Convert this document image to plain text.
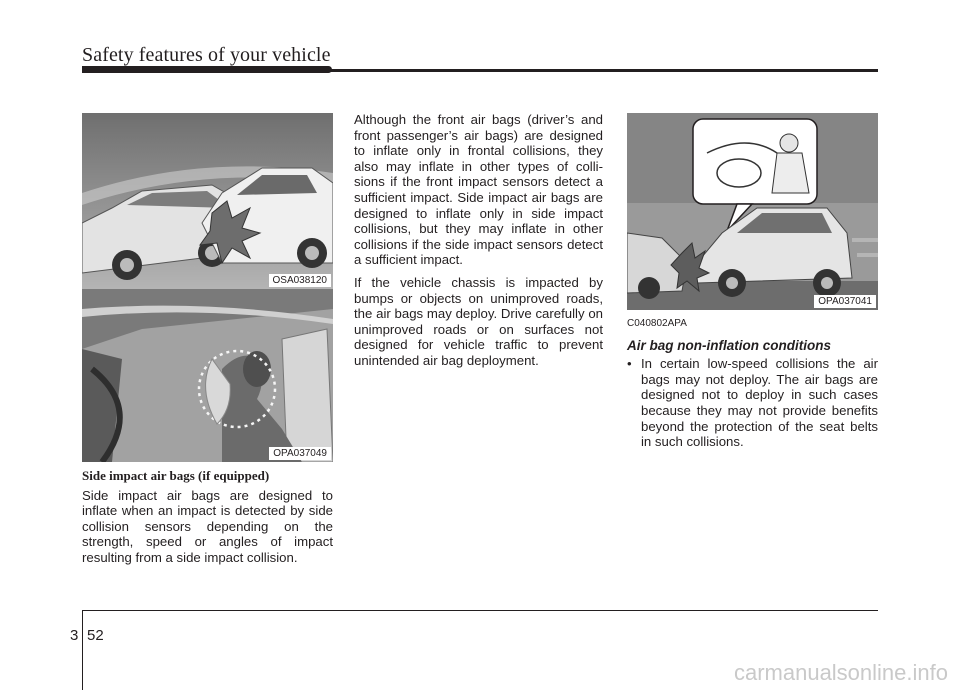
Safety features of your vehicle
OSA038120
OPA037049
OPA037041
Side impact air bags (if equipped)

Side impact air bags are designed to inflate when an impact is detected by side collision sensors depending on the strength, speed or angles of impact resulting from a side impact collision.

Although the front air bags (driver’s and front passenger’s air bags) are designed to inflate only in frontal collisions, they also may inflate in other types of colli-sions if the front impact sensors detect a sufficient impact. Side impact air bags are designed to inflate only in side impact collisions, but they may inflate in other collisions if the side impact sensors detect a sufficient impact.

If the vehicle chassis is impacted by bumps or objects on unimproved roads, the air bags may deploy. Drive carefully on unimproved roads or on surfaces not designed for vehicle traffic to prevent unintended air bag deployment.

C040802APA
Air bag non-inflation conditions
• In certain low-speed collisions the air bags may not deploy. The air bags are designed not to deploy in such cases because they may not provide benefits beyond the protection of the seat belts in such collisions.
3 52
carmanualsonline.info
